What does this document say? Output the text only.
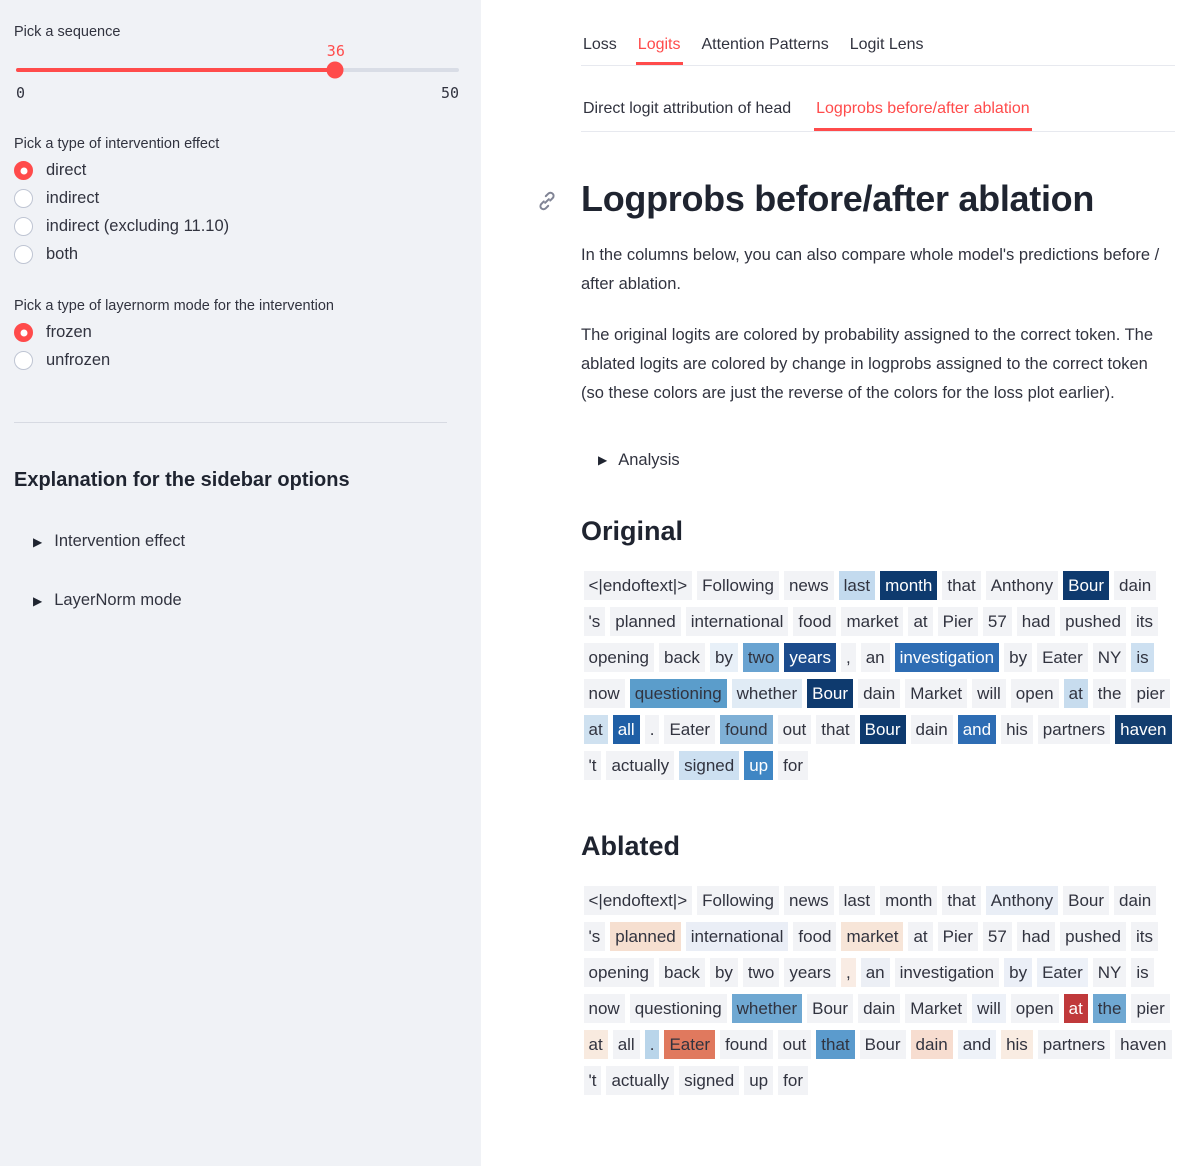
Pick a sequence
36
0	50
Pick a type of intervention effect
direct
indirect
indirect (excluding 11.10)
both
Pick a type of layernorm mode for the intervention
frozen
unfrozen
Explanation for the sidebar options
▶ Intervention effect
▶ LayerNorm mode
Loss Logits Attention Patterns Logit Lens
Direct logit attribution of head Logprobs before/after ablation
Logprobs before/after ablation

In the columns below, you can also compare whole model's predictions before / after ablation.

The original logits are colored by probability assigned to the correct token. The ablated logits are colored by change in logprobs assigned to the correct token (so these colors are just the reverse of the colors for the loss plot earlier).

▶ Analysis
Original
<|endoftext|> Following news last month that Anthony Bour dain's planned international food market at Pier 57 had pushed itsopening back by two years , an investigation by Eater NY isnow questioning whether Bour dain Market will open at the pierat all . Eater found out that Bour dain and his partners haven't actually signed up for
Ablated
<|endoftext|> Following news last month that Anthony Bour dain's planned international food market at Pier 57 had pushed itsopening back by two years , an investigation by Eater NY isnow questioning whether Bour dain Market will open at the pierat all . Eater found out that Bour dain and his partners haven't actually signed up for
